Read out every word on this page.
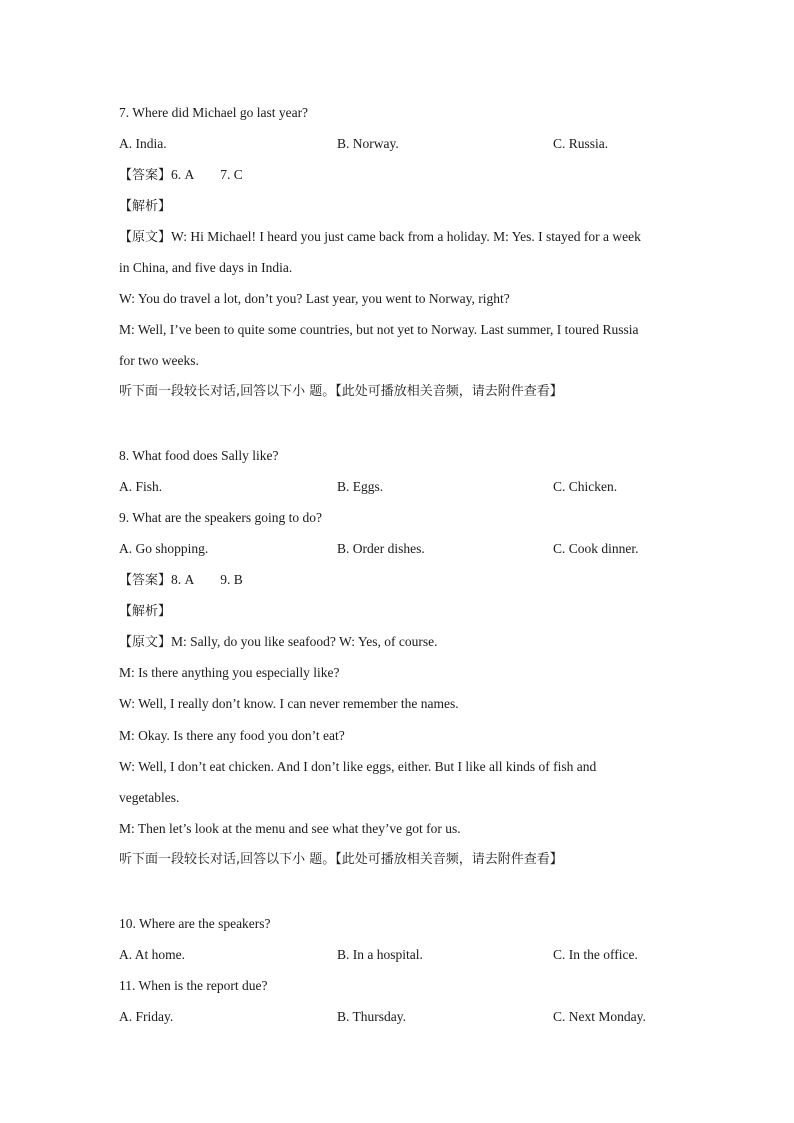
7. Where did Michael go last year?
A. India.	B. Norway.	C. Russia.
【答案】6. A 7. C
【解析】
【原文】W: Hi Michael! I heard you just came back from a holiday. M: Yes. I stayed for a week
in China, and five days in India.
W: You do travel a lot, don’t you? Last year, you went to Norway, right?
M: Well, I’ve been to quite some countries, but not yet to Norway. Last summer, I toured Russia
for two weeks.
听下面一段较长对话,回答以下小 题。【此处可播放相关音频，请去附件查看】
8. What food does Sally like?
A. Fish.	B. Eggs.	C. Chicken.
9. What are the speakers going to do?
A. Go shopping.	B. Order dishes.	C. Cook dinner.
【答案】8. A 9. B
【解析】
【原文】M: Sally, do you like seafood? W: Yes, of course.
M: Is there anything you especially like?
W: Well, I really don’t know. I can never remember the names.
M: Okay. Is there any food you don’t eat?
W: Well, I don’t eat chicken. And I don’t like eggs, either. But I like all kinds of fish and
vegetables.
M: Then let’s look at the menu and see what they’ve got for us.
听下面一段较长对话,回答以下小 题。【此处可播放相关音频，请去附件查看】
10. Where are the speakers?
A. At home.	B. In a hospital.	C. In the office.
11. When is the report due?
A. Friday.	B. Thursday.	C. Next Monday.
